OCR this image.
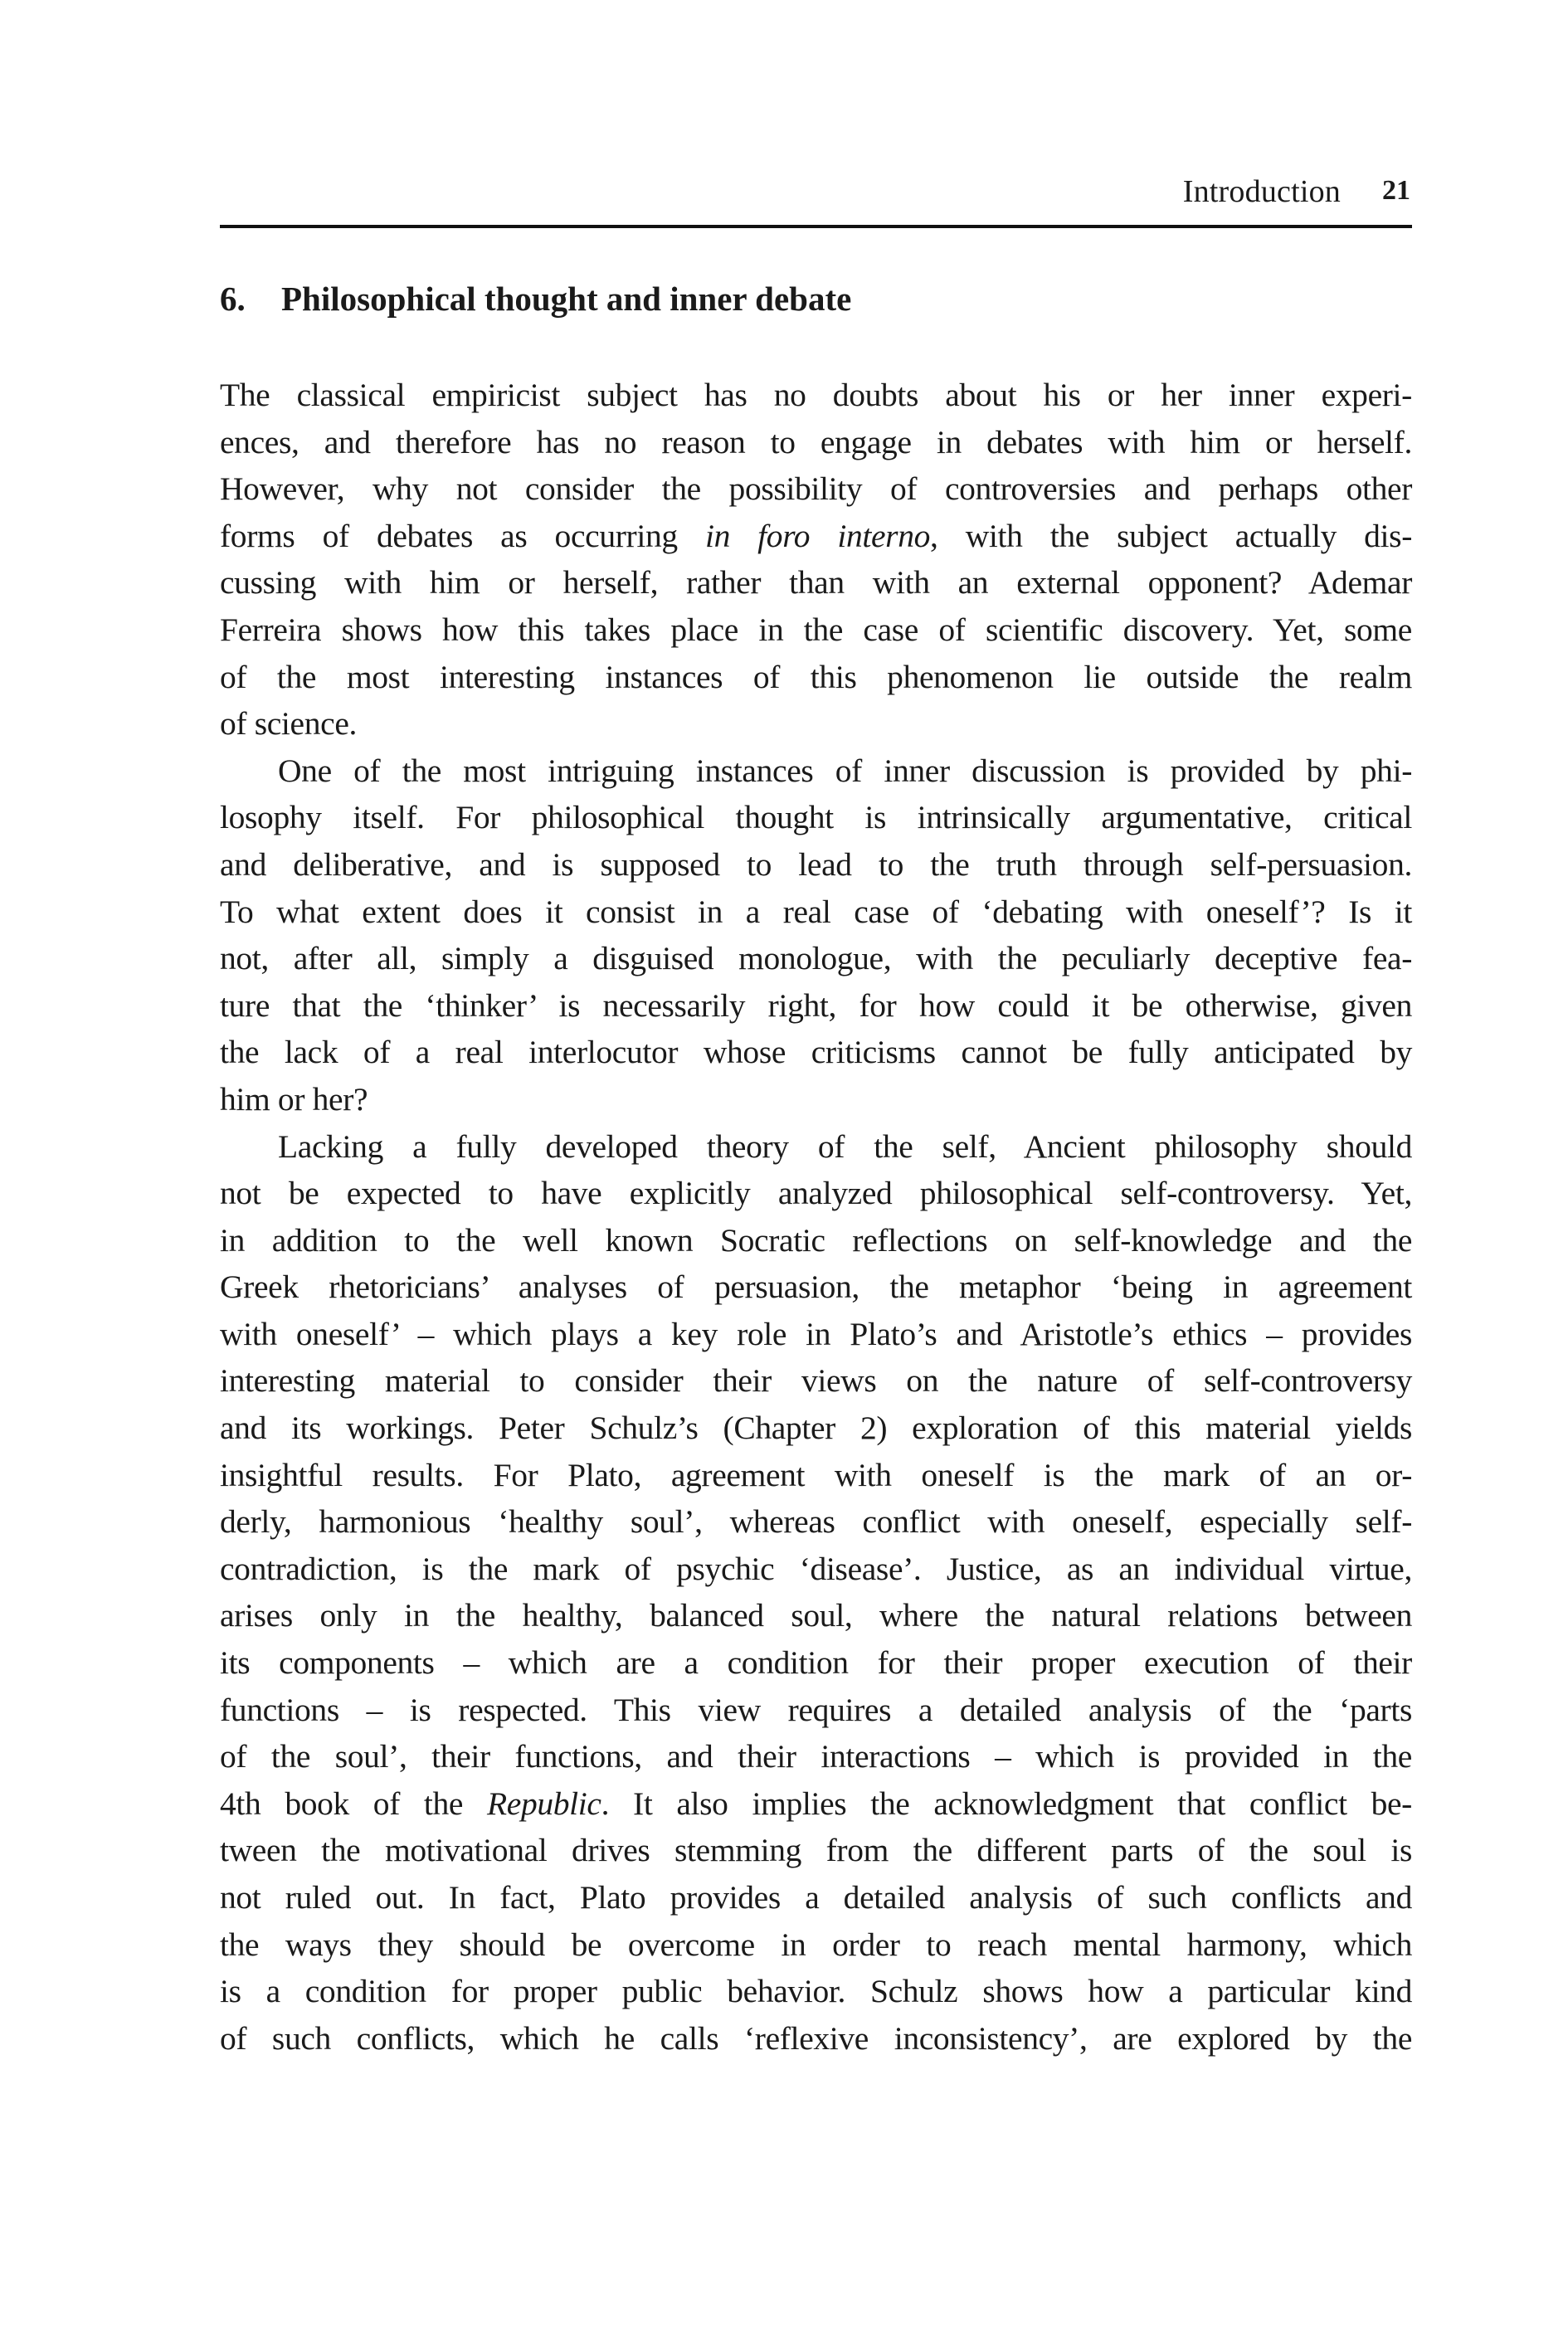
Introduction 21
6. Philosophical thought and inner debate
The classical empiricist subject has no doubts about his or her inner experi-
ences, and therefore has no reason to engage in debates with him or herself.
However, why not consider the possibility of controversies and perhaps other
forms of debates as occurring in foro interno, with the subject actually dis-
cussing with him or herself, rather than with an external opponent? Ademar
Ferreira shows how this takes place in the case of scientific discovery. Yet, some
of the most interesting instances of this phenomenon lie outside the realm
of science.
One of the most intriguing instances of inner discussion is provided by phi-
losophy itself. For philosophical thought is intrinsically argumentative, critical
and deliberative, and is supposed to lead to the truth through self-persuasion.
To what extent does it consist in a real case of ‘debating with oneself’? Is it
not, after all, simply a disguised monologue, with the peculiarly deceptive fea-
ture that the ‘thinker’ is necessarily right, for how could it be otherwise, given
the lack of a real interlocutor whose criticisms cannot be fully anticipated by
him or her?
Lacking a fully developed theory of the self, Ancient philosophy should
not be expected to have explicitly analyzed philosophical self-controversy. Yet,
in addition to the well known Socratic reflections on self-knowledge and the
Greek rhetoricians’ analyses of persuasion, the metaphor ‘being in agreement
with oneself’ – which plays a key role in Plato’s and Aristotle’s ethics – provides
interesting material to consider their views on the nature of self-controversy
and its workings. Peter Schulz’s (Chapter 2) exploration of this material yields
insightful results. For Plato, agreement with oneself is the mark of an or-
derly, harmonious ‘healthy soul’, whereas conflict with oneself, especially self-
contradiction, is the mark of psychic ‘disease’. Justice, as an individual virtue,
arises only in the healthy, balanced soul, where the natural relations between
its components – which are a condition for their proper execution of their
functions – is respected. This view requires a detailed analysis of the ‘parts
of the soul’, their functions, and their interactions – which is provided in the
4th book of the Republic. It also implies the acknowledgment that conflict be-
tween the motivational drives stemming from the different parts of the soul is
not ruled out. In fact, Plato provides a detailed analysis of such conflicts and
the ways they should be overcome in order to reach mental harmony, which
is a condition for proper public behavior. Schulz shows how a particular kind
of such conflicts, which he calls ‘reflexive inconsistency’, are explored by the
